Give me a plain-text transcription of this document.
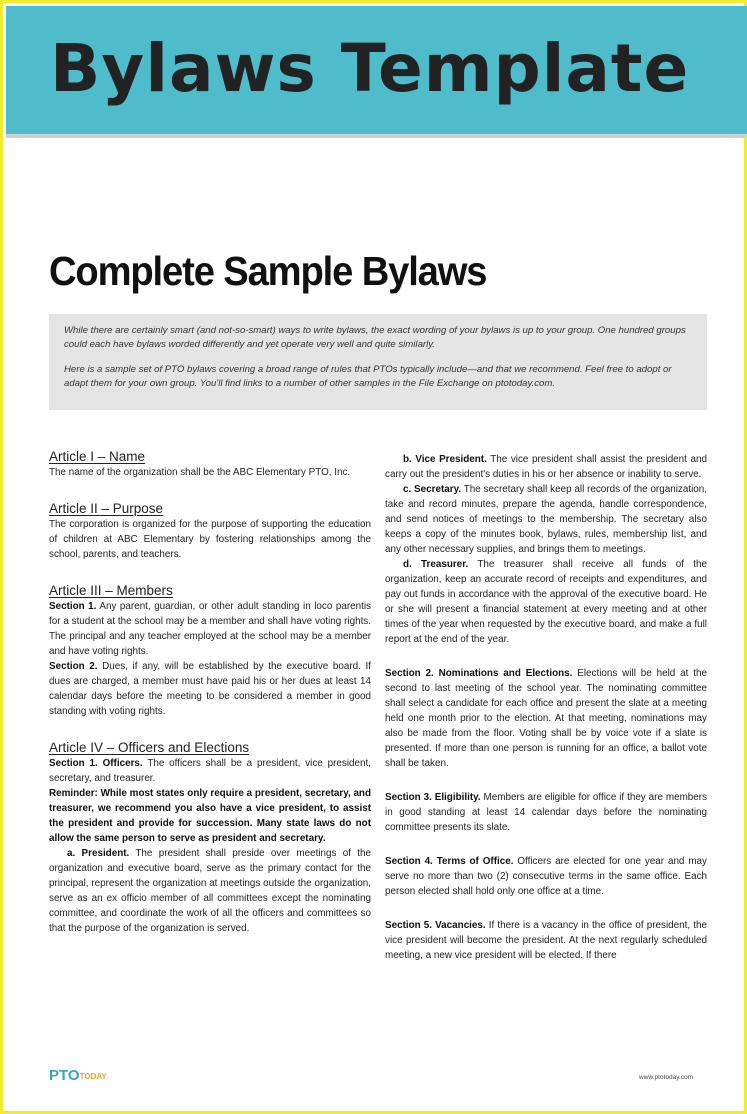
Bylaws Template
Complete Sample Bylaws

While there are certainly smart (and not-so-smart) ways to write bylaws, the exact wording of your bylaws is up to your group. One hundred groups could each have bylaws worded differently and yet operate very well and quite similarly.

Here is a sample set of PTO bylaws covering a broad range of rules that PTOs typically include—and that we recommend. Feel free to adopt or adapt them for your own group. You'll find links to a number of other samples in the File Exchange on ptotoday.com.

Article I – Name

The name of the organization shall be the ABC Elementary PTO, Inc.

Article II – Purpose

The corporation is organized for the purpose of supporting the education of children at ABC Elementary by fostering relationships among the school, parents, and teachers.

Article III – Members

Section 1. Any parent, guardian, or other adult standing in loco parentis for a student at the school may be a member and shall have voting rights. The principal and any teacher employed at the school may be a member and have voting rights.

Section 2. Dues, if any, will be established by the executive board. If dues are charged, a member must have paid his or her dues at least 14 calendar days before the meeting to be considered a member in good standing with voting rights.

Article IV – Officers and Elections

Section 1. Officers. The officers shall be a president, vice president, secretary, and treasurer.

Reminder: While most states only require a president, secretary, and treasurer, we recommend you also have a vice president, to assist the president and provide for succession. Many state laws do not allow the same person to serve as president and secretary.

a. President. The president shall preside over meetings of the organization and executive board, serve as the primary contact for the principal, represent the organization at meetings outside the organization, serve as an ex officio member of all committees except the nominating committee, and coordinate the work of all the officers and committees so that the purpose of the organization is served.

b. Vice President. The vice president shall assist the president and carry out the president's duties in his or her absence or inability to serve.

c. Secretary. The secretary shall keep all records of the organization, take and record minutes, prepare the agenda, handle correspondence, and send notices of meetings to the membership. The secretary also keeps a copy of the minutes book, bylaws, rules, membership list, and any other necessary supplies, and brings them to meetings.

d. Treasurer. The treasurer shall receive all funds of the organization, keep an accurate record of receipts and expenditures, and pay out funds in accordance with the approval of the executive board. He or she will present a financial statement at every meeting and at other times of the year when requested by the executive board, and make a full report at the end of the year.

Section 2. Nominations and Elections. Elections will be held at the second to last meeting of the school year. The nominating committee shall select a candidate for each office and present the slate at a meeting held one month prior to the election. At that meeting, nominations may also be made from the floor. Voting shall be by voice vote if a slate is presented. If more than one person is running for an office, a ballot vote shall be taken.

Section 3. Eligibility. Members are eligible for office if they are members in good standing at least 14 calendar days before the nominating committee presents its slate.

Section 4. Terms of Office. Officers are elected for one year and may serve no more than two (2) consecutive terms in the same office. Each person elected shall hold only one office at a time.

Section 5. Vacancies. If there is a vacancy in the office of president, the vice president will become the president. At the next regularly scheduled meeting, a new vice president will be elected. If there

PTOTODAY	www.ptotoday.com
